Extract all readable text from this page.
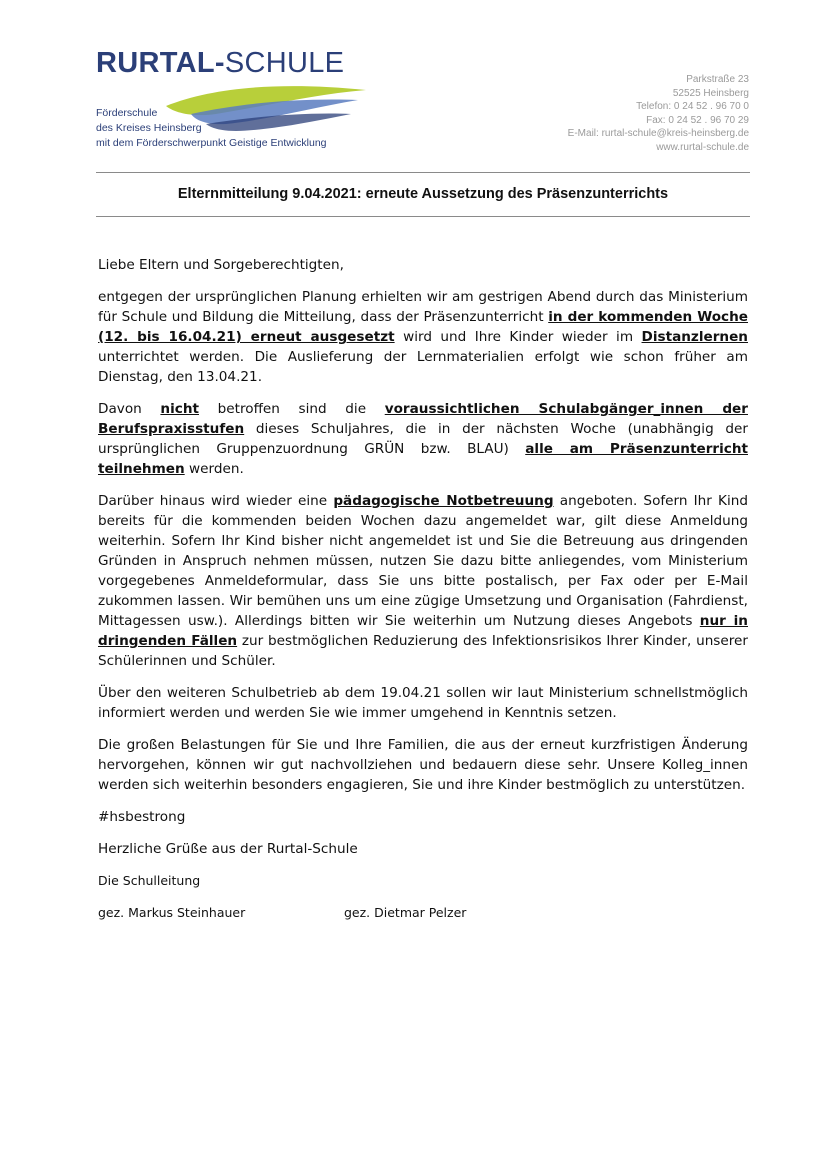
RURTAL-SCHULE
Förderschule
des Kreises Heinsberg
mit dem Förderschwerpunkt Geistige Entwicklung
Parkstraße 23
52525 Heinsberg
Telefon: 0 24 52 . 96 70 0
Fax: 0 24 52 . 96 70 29
E-Mail: rurtal-schule@kreis-heinsberg.de
www.rurtal-schule.de
Elternmitteilung 9.04.2021: erneute Aussetzung des Präsenzunterrichts

Liebe Eltern und Sorgeberechtigten,

entgegen der ursprünglichen Planung erhielten wir am gestrigen Abend durch das Ministerium für Schule und Bildung die Mitteilung, dass der Präsenzunterricht in der kommenden Woche (12. bis 16.04.21) erneut ausgesetzt wird und Ihre Kinder wieder im Distanzlernen unterrichtet werden. Die Auslieferung der Lernmaterialien erfolgt wie schon früher am Dienstag, den 13.04.21.

Davon nicht betroffen sind die voraussichtlichen Schulabgänger_innen der Berufspraxisstufen dieses Schuljahres, die in der nächsten Woche (unabhängig der ursprünglichen Gruppenzuordnung GRÜN bzw. BLAU) alle am Präsenzunterricht teilnehmen werden.

Darüber hinaus wird wieder eine pädagogische Notbetreuung angeboten. Sofern Ihr Kind bereits für die kommenden beiden Wochen dazu angemeldet war, gilt diese Anmeldung weiterhin. Sofern Ihr Kind bisher nicht angemeldet ist und Sie die Betreuung aus dringenden Gründen in Anspruch nehmen müssen, nutzen Sie dazu bitte anliegendes, vom Ministerium vorgegebenes Anmeldeformular, dass Sie uns bitte postalisch, per Fax oder per E-Mail zukommen lassen. Wir bemühen uns um eine zügige Umsetzung und Organisation (Fahrdienst, Mittagessen usw.). Allerdings bitten wir Sie weiterhin um Nutzung dieses Angebots nur in dringenden Fällen zur bestmöglichen Reduzierung des Infektionsrisikos Ihrer Kinder, unserer Schülerinnen und Schüler.

Über den weiteren Schulbetrieb ab dem 19.04.21 sollen wir laut Ministerium schnellstmöglich informiert werden und werden Sie wie immer umgehend in Kenntnis setzen.

Die großen Belastungen für Sie und Ihre Familien, die aus der erneut kurzfristigen Änderung hervorgehen, können wir gut nachvollziehen und bedauern diese sehr. Unsere Kolleg_innen werden sich weiterhin besonders engagieren, Sie und ihre Kinder bestmöglich zu unterstützen.

#hsbestrong

Herzliche Grüße aus der Rurtal-Schule

Die Schulleitung

gez. Markus Steinhauer	gez. Dietmar Pelzer
